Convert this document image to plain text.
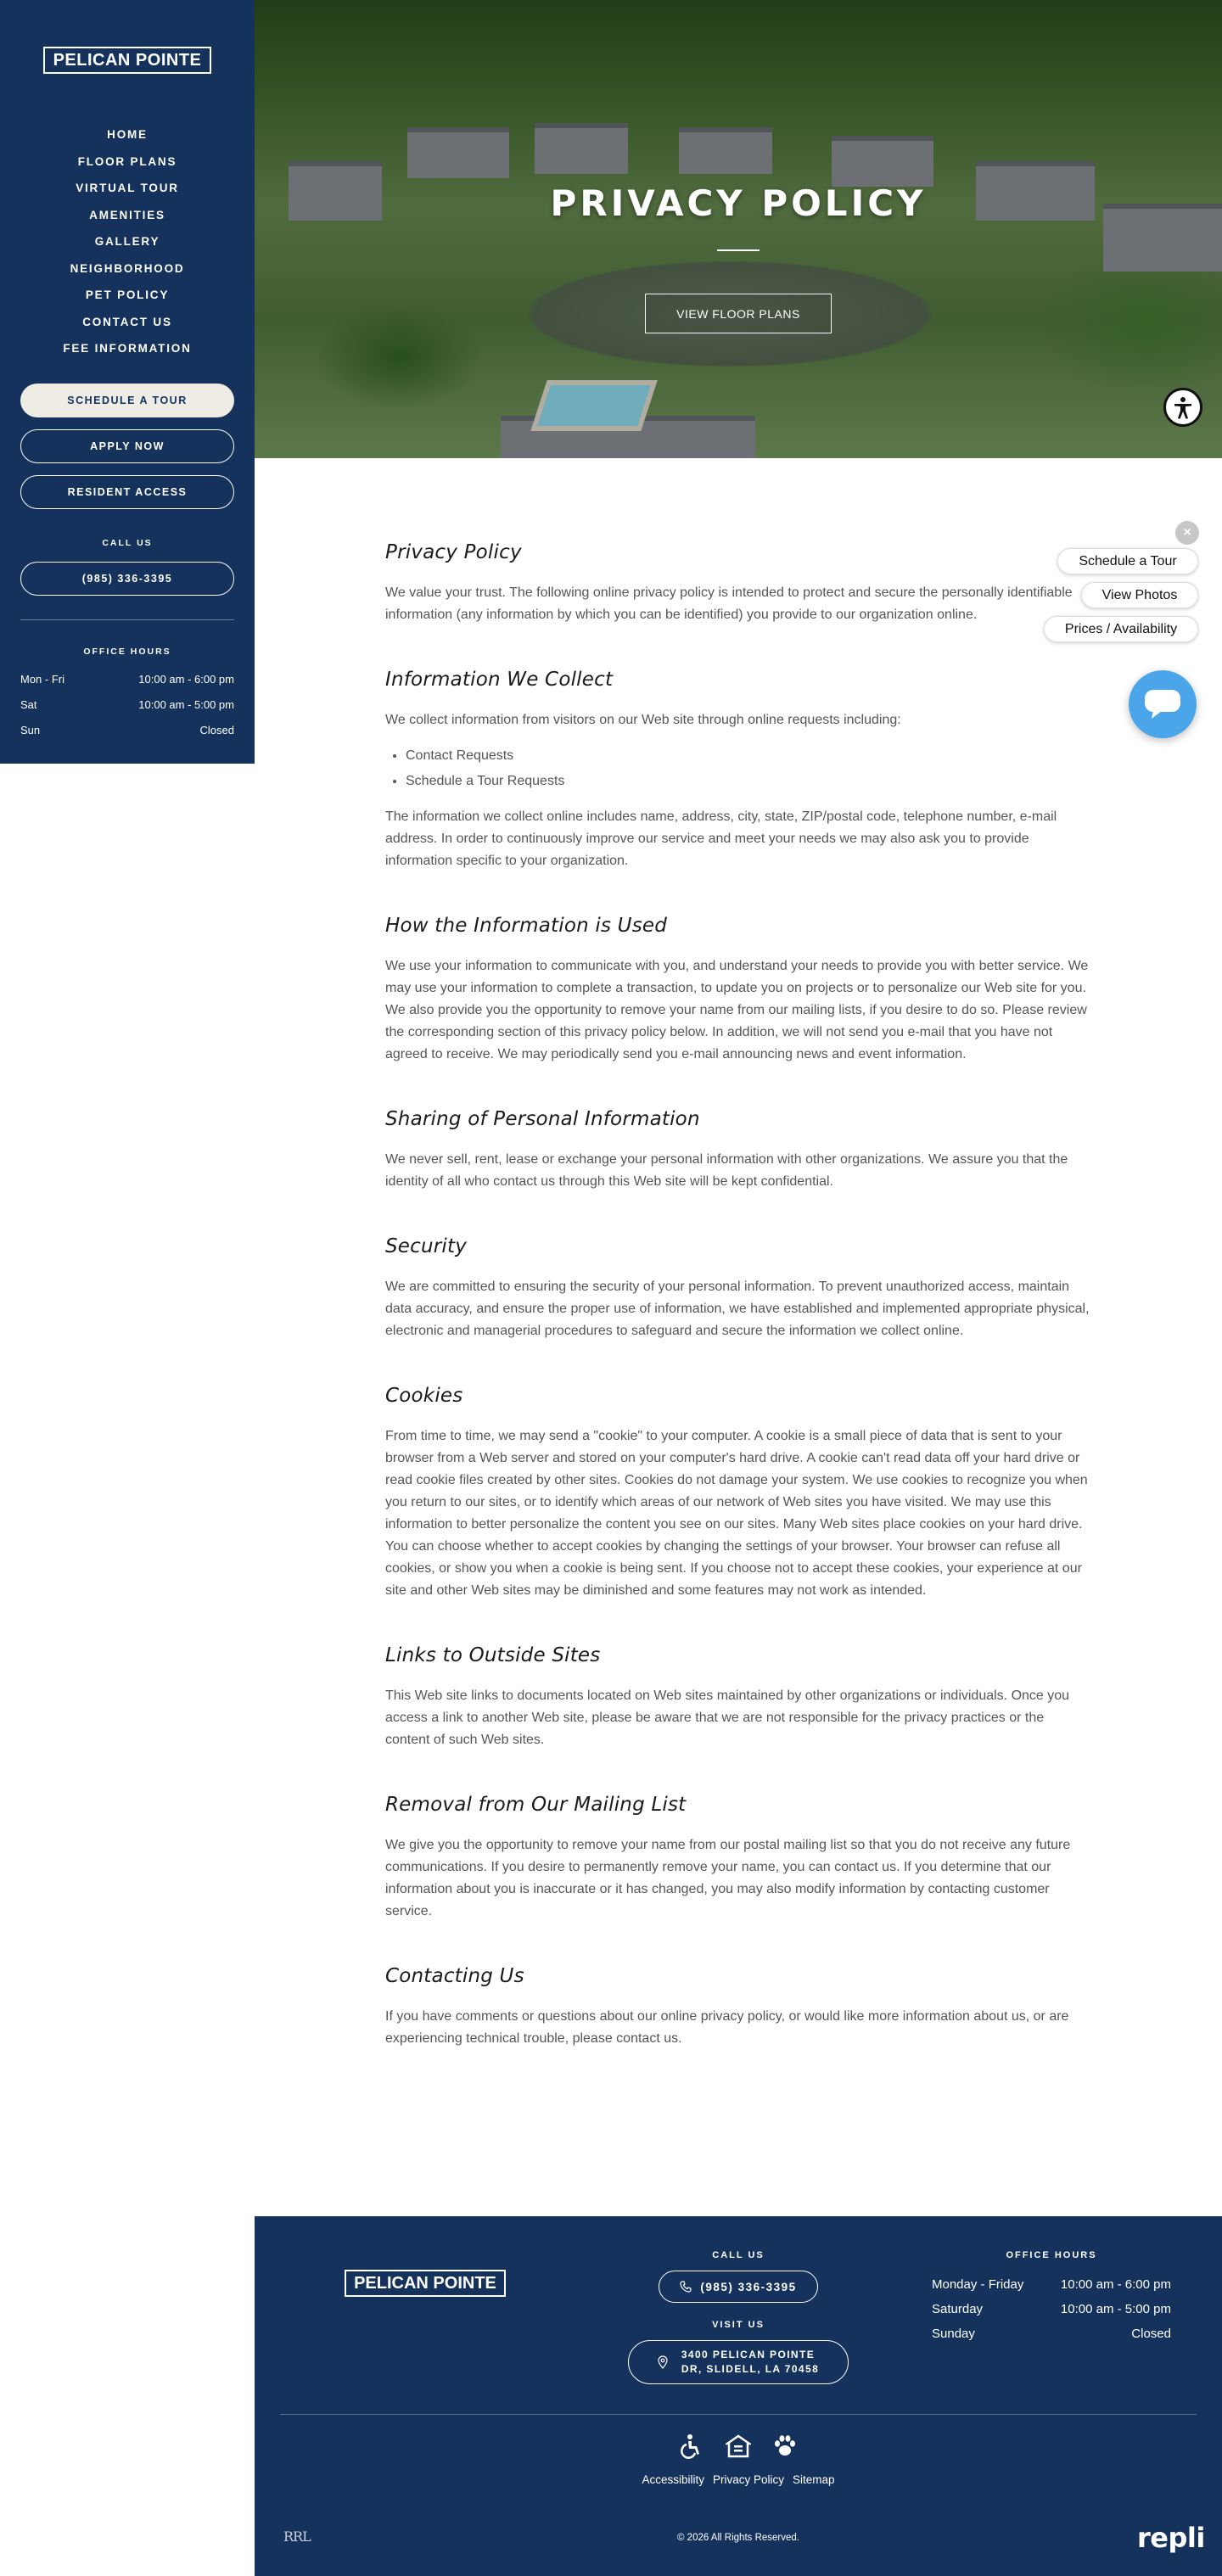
PELICAN POINTE
HOME
FLOOR PLANS
VIRTUAL TOUR
AMENITIES
GALLERY
NEIGHBORHOOD
PET POLICY
CONTACT US
FEE INFORMATION
SCHEDULE A TOUR
APPLY NOW
RESIDENT ACCESS
CALL US
(985) 336-3395
OFFICE HOURS
Mon - Fri	10:00 am - 6:00 pm
Sat	10:00 am - 5:00 pm
Sun	Closed
PRIVACY POLICY
VIEW FLOOR PLANS
×
Schedule a Tour
View Photos
Prices / Availability
Privacy Policy

We value your trust. The following online privacy policy is intended to protect and secure the personally identifiable information (any information by which you can be identified) you provide to our organization online.

Information We Collect

We collect information from visitors on our Web site through online requests including:

• Contact Requests
• Schedule a Tour Requests

The information we collect online includes name, address, city, state, ZIP/postal code, telephone number, e-mail address. In order to continuously improve our service and meet your needs we may also ask you to provide information specific to your organization.

How the Information is Used

We use your information to communicate with you, and understand your needs to provide you with better service. We may use your information to complete a transaction, to update you on projects or to personalize our Web site for you. We also provide you the opportunity to remove your name from our mailing lists, if you desire to do so. Please review the corresponding section of this privacy policy below. In addition, we will not send you e-mail that you have not agreed to receive. We may periodically send you e-mail announcing news and event information.

Sharing of Personal Information

We never sell, rent, lease or exchange your personal information with other organizations. We assure you that the identity of all who contact us through this Web site will be kept confidential.

Security

We are committed to ensuring the security of your personal information. To prevent unauthorized access, maintain data accuracy, and ensure the proper use of information, we have established and implemented appropriate physical, electronic and managerial procedures to safeguard and secure the information we collect online.

Cookies

From time to time, we may send a "cookie" to your computer. A cookie is a small piece of data that is sent to your browser from a Web server and stored on your computer's hard drive. A cookie can't read data off your hard drive or read cookie files created by other sites. Cookies do not damage your system. We use cookies to recognize you when you return to our sites, or to identify which areas of our network of Web sites you have visited. We may use this information to better personalize the content you see on our sites. Many Web sites place cookies on your hard drive. You can choose whether to accept cookies by changing the settings of your browser. Your browser can refuse all cookies, or show you when a cookie is being sent. If you choose not to accept these cookies, your experience at our site and other Web sites may be diminished and some features may not work as intended.

Links to Outside Sites

This Web site links to documents located on Web sites maintained by other organizations or individuals. Once you access a link to another Web site, please be aware that we are not responsible for the privacy practices or the content of such Web sites.

Removal from Our Mailing List

We give you the opportunity to remove your name from our postal mailing list so that you do not receive any future communications. If you desire to permanently remove your name, you can contact us. If you determine that our information about you is inaccurate or it has changed, you may also modify information by contacting customer service.

Contacting Us

If you have comments or questions about our online privacy policy, or would like more information about us, or are experiencing technical trouble, please contact us.

PELICAN POINTE
CALL US
(985) 336-3395
VISIT US
3400 PELICAN POINTE
DR, SLIDELL, LA 70458
OFFICE HOURS
Monday - Friday	10:00 am - 6:00 pm
Saturday	10:00 am - 5:00 pm
Sunday	Closed
Accessibility Privacy Policy Sitemap
RRL	© 2026 All Rights Reserved.	repli
